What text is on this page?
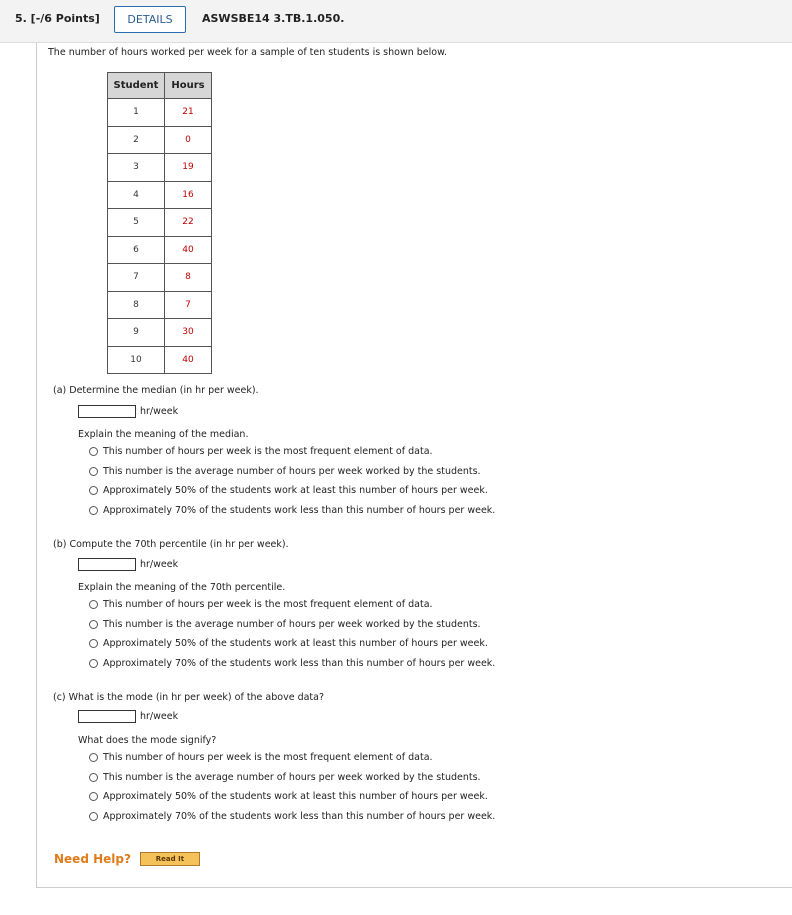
5. [-/6 Points]	DETAILS	ASWSBE14 3.TB.1.050.
The number of hours worked per week for a sample of ten students is shown below.
Student	Hours
1	21
2	0
3	19
4	16
5	22
6	40
7	8
8	7
9	30
10	40
(a) Determine the median (in hr per week).
hr/week
Explain the meaning of the median.
This number of hours per week is the most frequent element of data.
This number is the average number of hours per week worked by the students.
Approximately 50% of the students work at least this number of hours per week.
Approximately 70% of the students work less than this number of hours per week.
(b) Compute the 70th percentile (in hr per week).
hr/week
Explain the meaning of the 70th percentile.
This number of hours per week is the most frequent element of data.
This number is the average number of hours per week worked by the students.
Approximately 50% of the students work at least this number of hours per week.
Approximately 70% of the students work less than this number of hours per week.
(c) What is the mode (in hr per week) of the above data?
hr/week
What does the mode signify?
This number of hours per week is the most frequent element of data.
This number is the average number of hours per week worked by the students.
Approximately 50% of the students work at least this number of hours per week.
Approximately 70% of the students work less than this number of hours per week.
Need Help?	Read It
